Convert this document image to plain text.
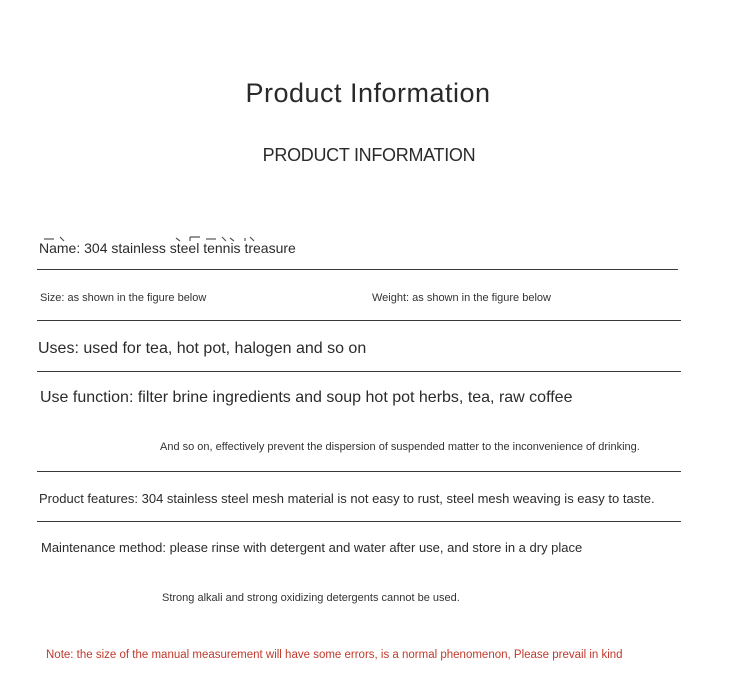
Product Information
PRODUCT INFORMATION
Name: 304 stainless steel tennis treasure
Size: as shown in the figure below	Weight: as shown in the figure below
Uses: used for tea, hot pot, halogen and so on
Use function: filter brine ingredients and soup hot pot herbs, tea, raw coffee
And so on, effectively prevent the dispersion of suspended matter to the inconvenience of drinking.
Product features: 304 stainless steel mesh material is not easy to rust, steel mesh weaving is easy to taste.
Maintenance method: please rinse with detergent and water after use, and store in a dry place
Strong alkali and strong oxidizing detergents cannot be used.
Note: the size of the manual measurement will have some errors, is a normal phenomenon, Please prevail in kind
